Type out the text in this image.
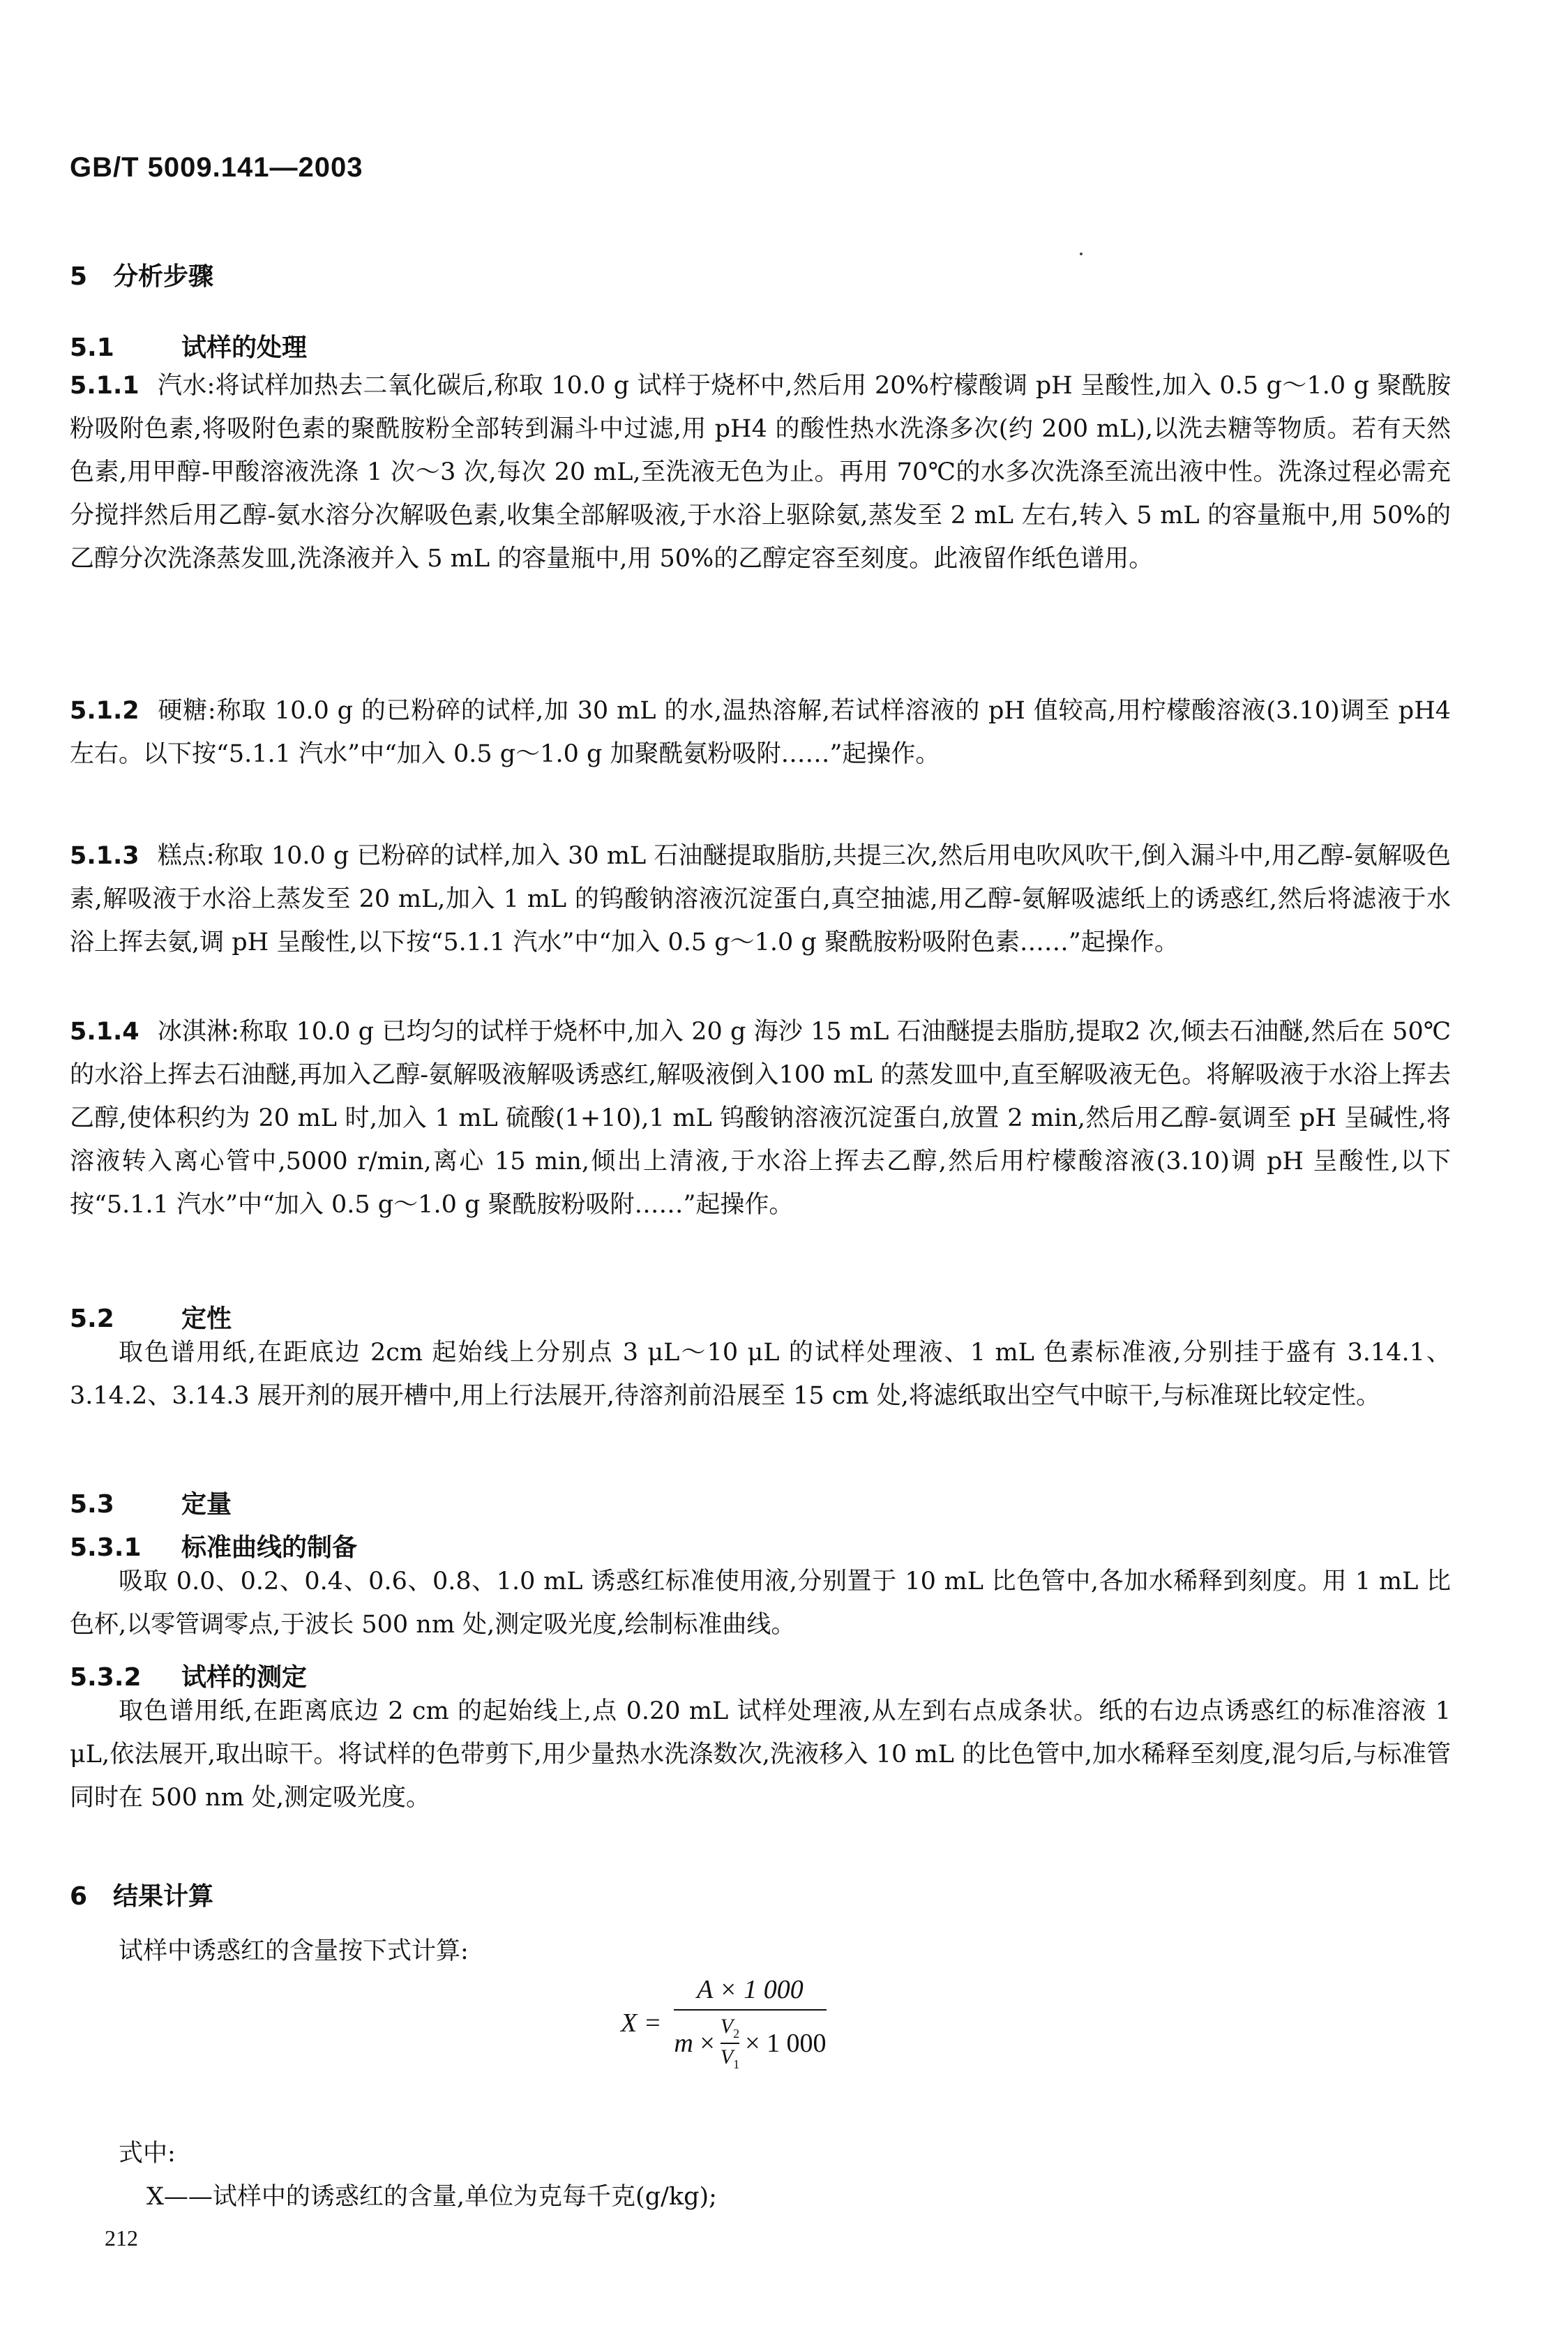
GB/T 5009.141—2003
5 分析步骤
5.1	试样的处理
5.1.1 汽水:将试样加热去二氧化碳后,称取 10.0 g 试样于烧杯中,然后用 20%柠檬酸调 pH 呈酸性,加入 0.5 g～1.0 g 聚酰胺粉吸附色素,将吸附色素的聚酰胺粉全部转到漏斗中过滤,用 pH4 的酸性热水洗涤多次(约 200 mL),以洗去糖等物质。若有天然色素,用甲醇-甲酸溶液洗涤 1 次～3 次,每次 20 mL,至洗液无色为止。再用 70℃的水多次洗涤至流出液中性。洗涤过程必需充分搅拌然后用乙醇-氨水溶分次解吸色素,收集全部解吸液,于水浴上驱除氨,蒸发至 2 mL 左右,转入 5 mL 的容量瓶中,用 50%的乙醇分次洗涤蒸发皿,洗涤液并入 5 mL 的容量瓶中,用 50%的乙醇定容至刻度。此液留作纸色谱用。
5.1.2 硬糖:称取 10.0 g 的已粉碎的试样,加 30 mL 的水,温热溶解,若试样溶液的 pH 值较高,用柠檬酸溶液(3.10)调至 pH4 左右。以下按“5.1.1 汽水”中“加入 0.5 g～1.0 g 加聚酰氨粉吸附……”起操作。
5.1.3 糕点:称取 10.0 g 已粉碎的试样,加入 30 mL 石油醚提取脂肪,共提三次,然后用电吹风吹干,倒入漏斗中,用乙醇-氨解吸色素,解吸液于水浴上蒸发至 20 mL,加入 1 mL 的钨酸钠溶液沉淀蛋白,真空抽滤,用乙醇-氨解吸滤纸上的诱惑红,然后将滤液于水浴上挥去氨,调 pH 呈酸性,以下按“5.1.1 汽水”中“加入 0.5 g～1.0 g 聚酰胺粉吸附色素……”起操作。
5.1.4 冰淇淋:称取 10.0 g 已均匀的试样于烧杯中,加入 20 g 海沙 15 mL 石油醚提去脂肪,提取2 次,倾去石油醚,然后在 50℃的水浴上挥去石油醚,再加入乙醇-氨解吸液解吸诱惑红,解吸液倒入100 mL 的蒸发皿中,直至解吸液无色。将解吸液于水浴上挥去乙醇,使体积约为 20 mL 时,加入 1 mL 硫酸(1+10),1 mL 钨酸钠溶液沉淀蛋白,放置 2 min,然后用乙醇-氨调至 pH 呈碱性,将溶液转入离心管中,5000 r/min,离心 15 min,倾出上清液,于水浴上挥去乙醇,然后用柠檬酸溶液(3.10)调 pH 呈酸性,以下按“5.1.1 汽水”中“加入 0.5 g～1.0 g 聚酰胺粉吸附……”起操作。
5.2	定性
取色谱用纸,在距底边 2cm 起始线上分别点 3 μL～10 μL 的试样处理液、1 mL 色素标准液,分别挂于盛有 3.14.1、3.14.2、3.14.3 展开剂的展开槽中,用上行法展开,待溶剂前沿展至 15 cm 处,将滤纸取出空气中晾干,与标准斑比较定性。
5.3	定量
5.3.1 标准曲线的制备
吸取 0.0、0.2、0.4、0.6、0.8、1.0 mL 诱惑红标准使用液,分别置于 10 mL 比色管中,各加水稀释到刻度。用 1 mL 比色杯,以零管调零点,于波长 500 nm 处,测定吸光度,绘制标准曲线。
5.3.2 试样的测定
取色谱用纸,在距离底边 2 cm 的起始线上,点 0.20 mL 试样处理液,从左到右点成条状。纸的右边点诱惑红的标准溶液 1 μL,依法展开,取出晾干。将试样的色带剪下,用少量热水洗涤数次,洗液移入 10 mL 的比色管中,加水稀释至刻度,混匀后,与标准管同时在 500 nm 处,测定吸光度。
6 结果计算
试样中诱惑红的含量按下式计算:
X =
A × 1 000
m
× $\frac{V_2}{V_1} \times 1$ 000
式中:
X——试样中的诱惑红的含量,单位为克每千克(g/kg);
212
